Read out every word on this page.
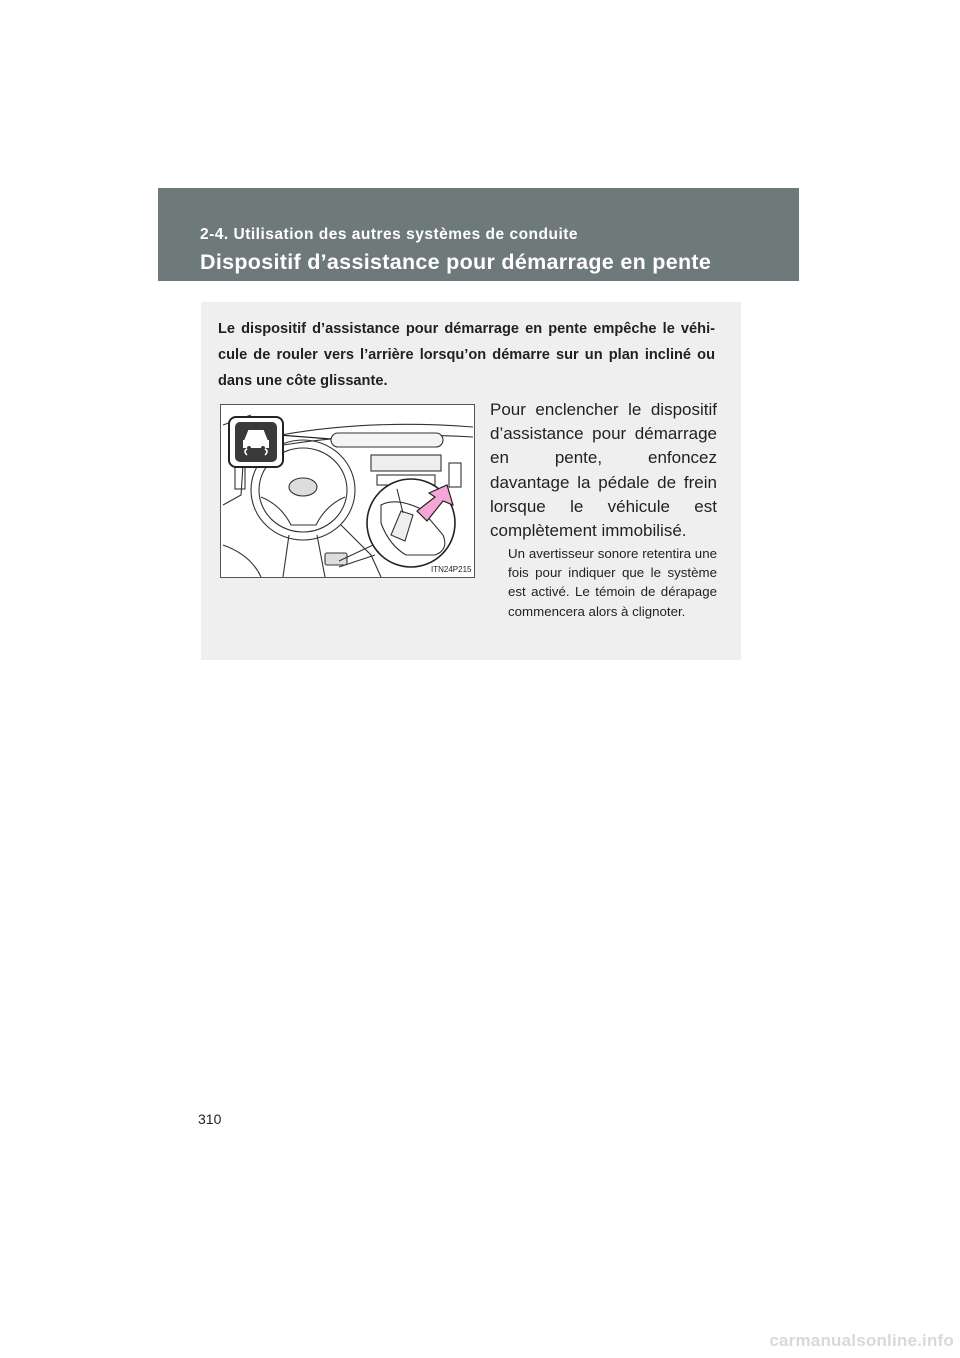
2-4. Utilisation des autres systèmes de conduite
Dispositif d’assistance pour démarrage en pente
Le dispositif d’assistance pour démarrage en pente empêche le véhi-cule de rouler vers l’arrière lorsqu’on démarre sur un plan incliné ou dans une côte glissante.
ITN24P215
Pour enclencher le dispositif d’assistance pour démarrage en pente, enfoncez davantage la pédale de frein lorsque le véhicule est complètement immobilisé.
Un avertisseur sonore retentira une fois pour indiquer que le système est activé. Le témoin de dérapage commencera alors à clignoter.
310
carmanualsonline.info
